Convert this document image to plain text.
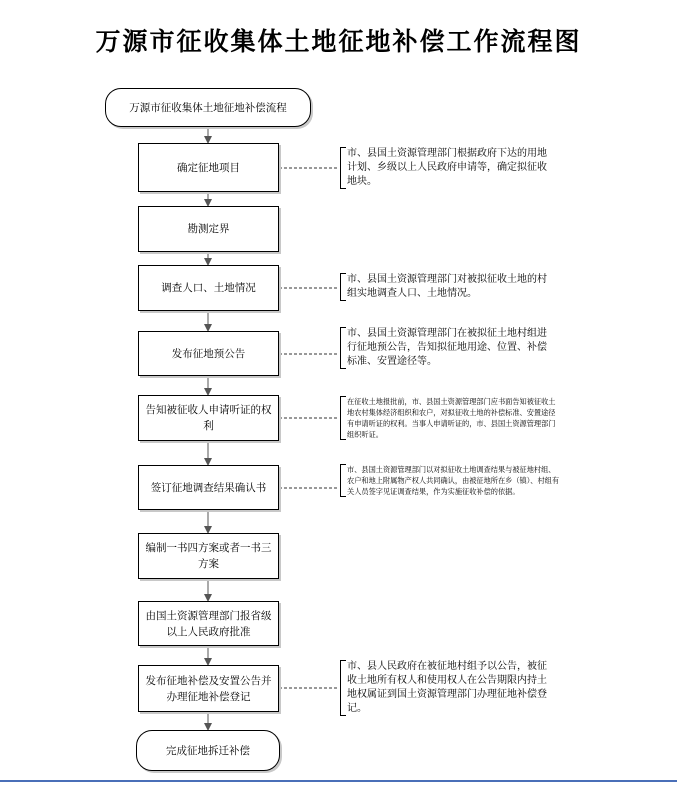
万源市征收集体土地征地补偿工作流程图
万源市征收集体土地征地补偿流程
确定征地项目
勘测定界
调查人口、土地情况
发布征地预公告
告知被征收人申请听证的权利
签订征地调查结果确认书
编制一书四方案或者一书三方案
由国土资源管理部门报省级以上人民政府批准
发布征地补偿及安置公告并办理征地补偿登记
完成征地拆迁补偿
市、县国土资源管理部门根据政府下达的用地计划、乡级以上人民政府申请等，确定拟征收地块。
市、县国土资源管理部门对被拟征收土地的村组实地调查人口、土地情况。
市、县国土资源管理部门在被拟征土地村组进行征地预公告，告知拟征地用途、位置、补偿标准、安置途径等。
在征收土地报批前，市、县国土资源管理部门应书面告知被征收土地农村集体经济组织和农户，对拟征收土地的补偿标准、安置途径有申请听证的权利。当事人申请听证的，市、县国土资源管理部门组织听证。
市、县国土资源管理部门以对拟征收土地调查结果与被征地村组、农户和地上附属物产权人共同确认，由被征地所在乡（镇）、村组有关人员签字见证调查结果，作为实施征收补偿的依据。
市、县人民政府在被征地村组予以公告，被征收土地所有权人和使用权人在公告期限内持土地权属证到国土资源管理部门办理征地补偿登记。
